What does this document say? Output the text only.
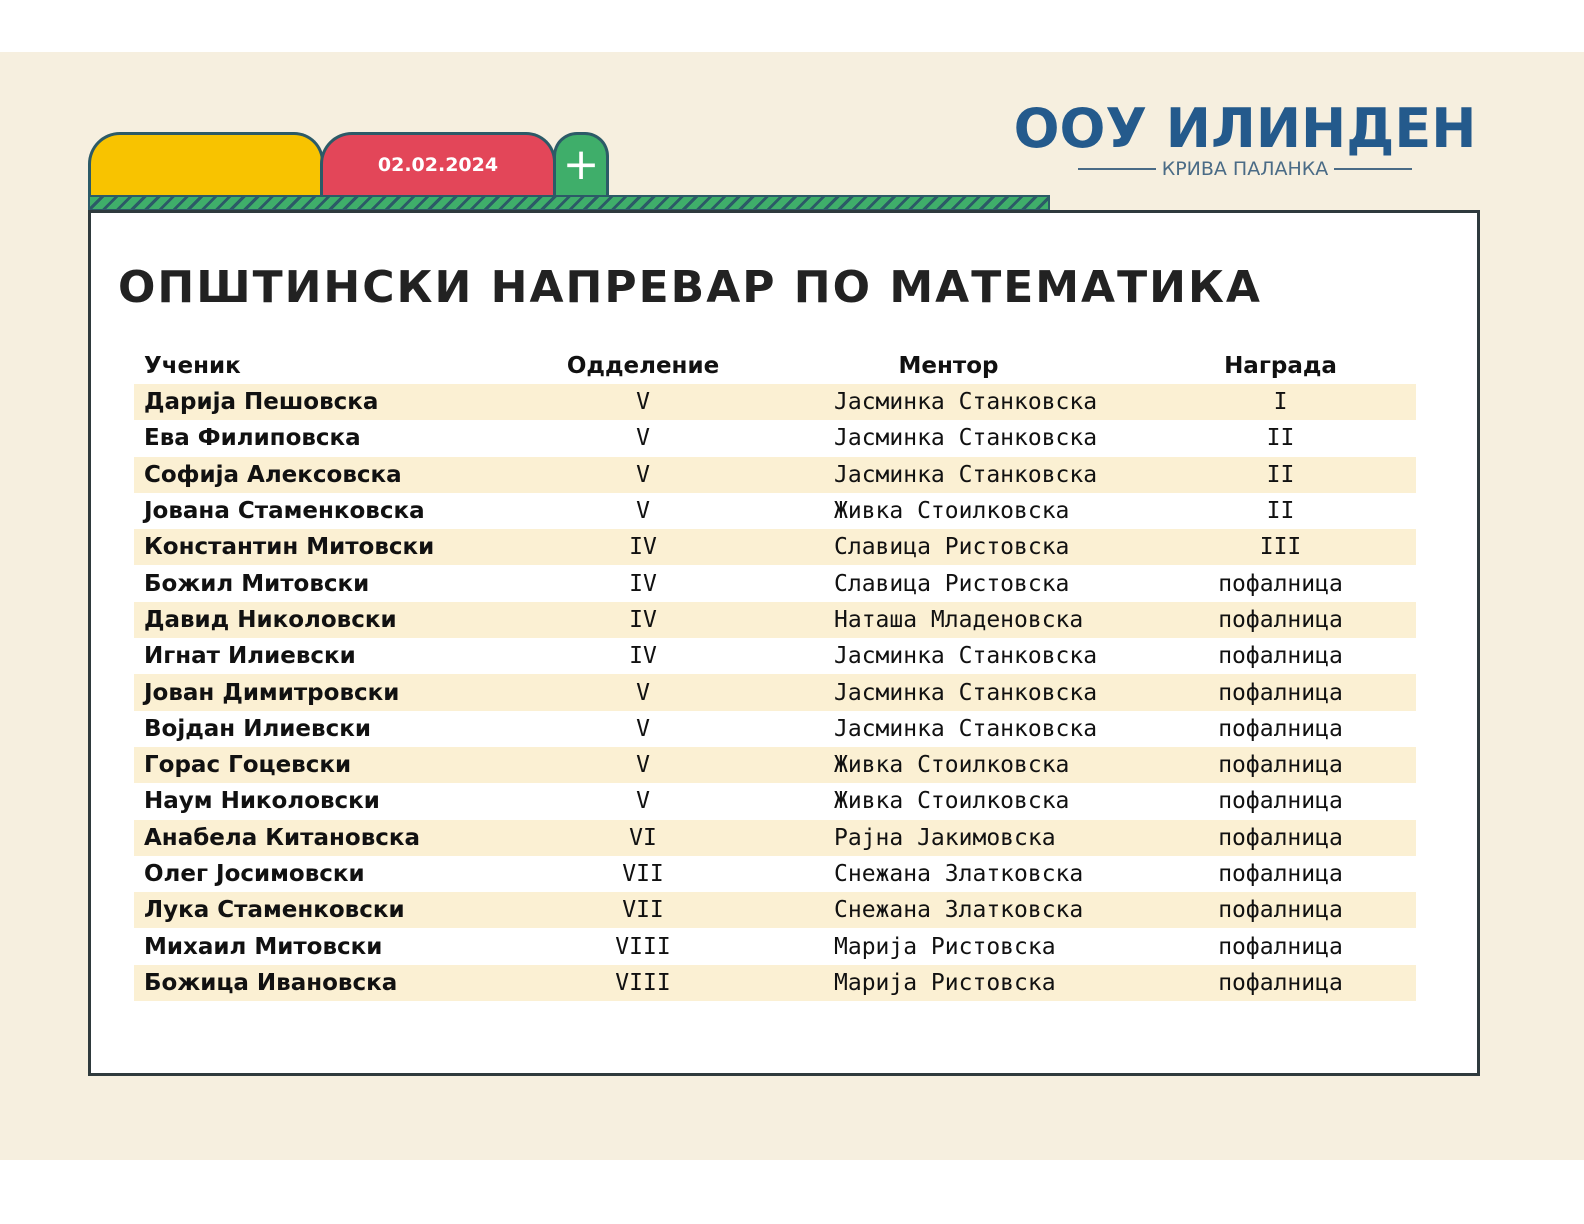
02.02.2024	+
ООУ ИЛИНДЕН
КРИВА ПАЛАНКА
ОПШТИНСКИ НАПРЕВАР ПО МАТЕМАТИКА
Ученик	Одделение	Ментор	Награда
Дарија Пешовска	V	Јасминка Станковска	I
Ева Филиповска	V	Јасминка Станковска	II
Софија Алексовска	V	Јасминка Станковска	II
Јована Стаменковска	V	Живка Стоилковска	II
Константин Митовски	IV	Славица Ристовска	III
Божил Митовски	IV	Славица Ристовска	пофалница
Давид Николовски	IV	Наташа Младеновска	пофалница
Игнат Илиевски	IV	Јасминка Станковска	пофалница
Јован Димитровски	V	Јасминка Станковска	пофалница
Војдан Илиевски	V	Јасминка Станковска	пофалница
Горас Гоцевски	V	Живка Стоилковска	пофалница
Наум Николовски	V	Живка Стоилковска	пофалница
Анабела Китановска	VI	Рајна Јакимовска	пофалница
Олег Јосимовски	VII	Снежана Златковска	пофалница
Лука Стаменковски	VII	Снежана Златковска	пофалница
Михаил Митовски	VIII	Марија Ристовска	пофалница
Божица Ивановска	VIII	Марија Ристовска	пофалница
